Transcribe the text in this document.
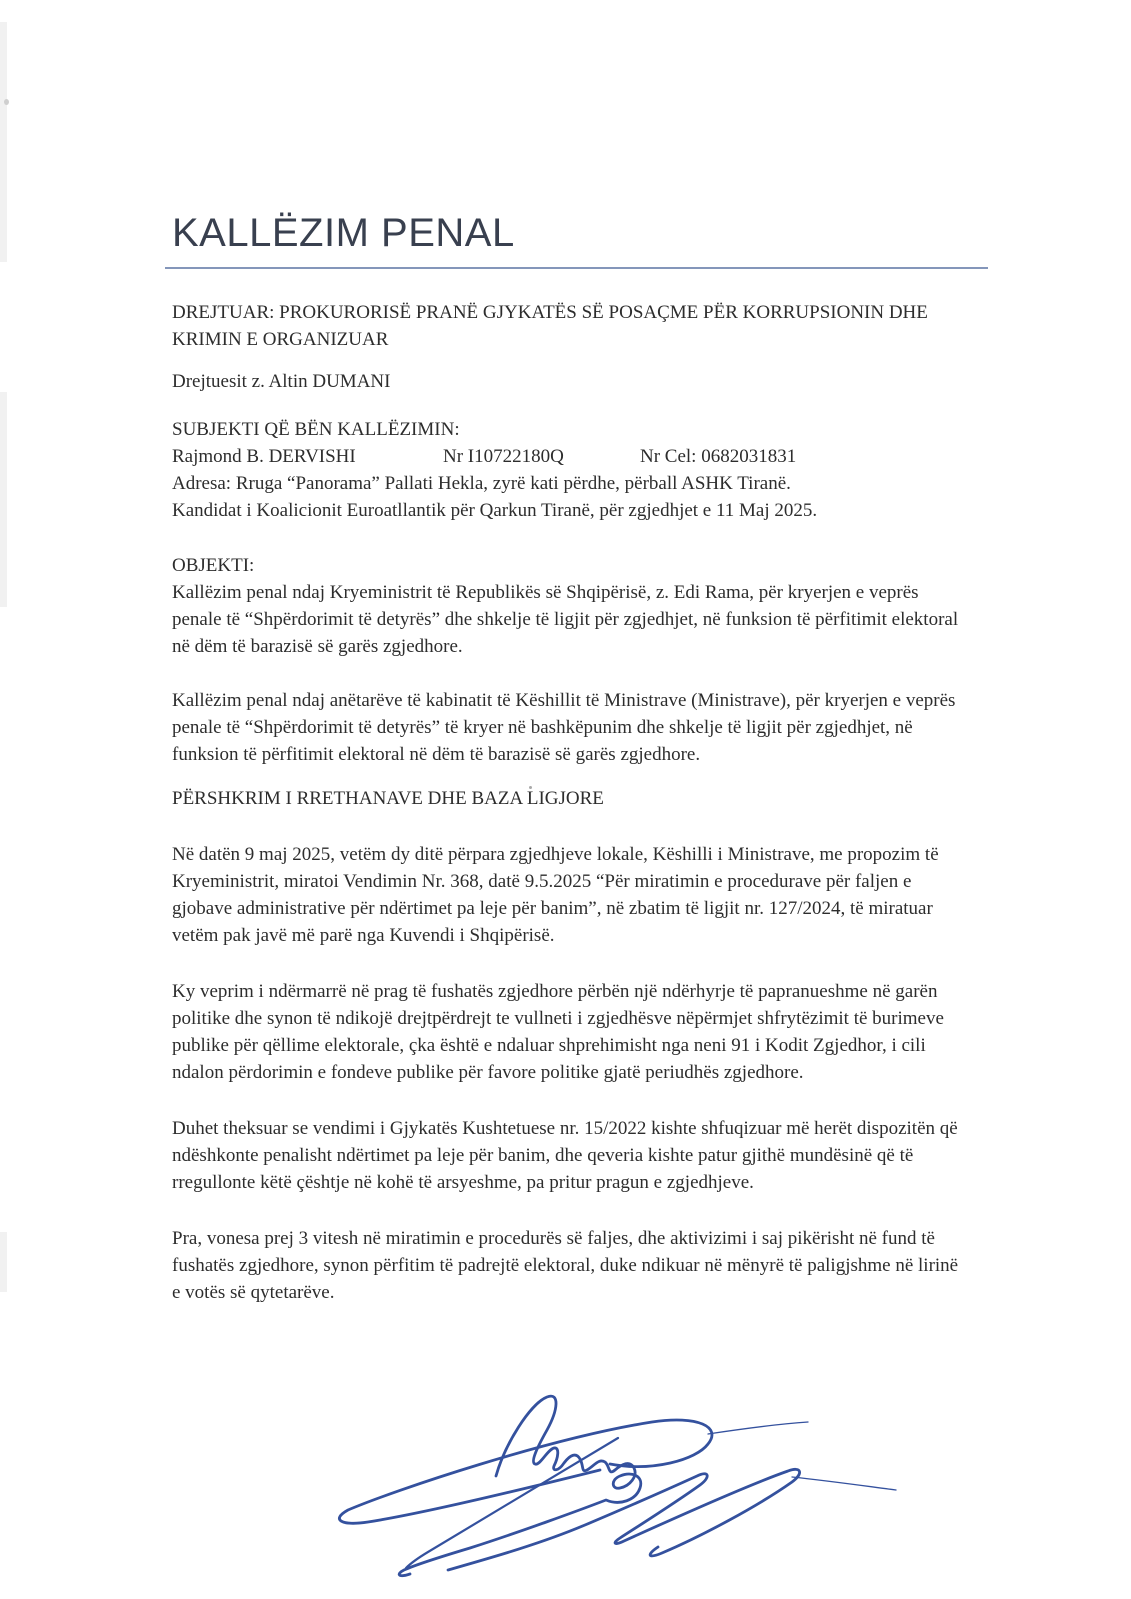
KALLËZIM PENAL
DREJTUAR: PROKURORISË PRANË GJYKATËS SË POSAÇME PËR KORRUPSIONIN DHE
KRIMIN E ORGANIZUAR
Drejtuesit z. Altin DUMANI
SUBJEKTI QË BËN KALLËZIMIN:
Rajmond B. DERVISHI	Nr I10722180Q	Nr Cel: 0682031831
Adresa: Rruga “Panorama” Pallati Hekla, zyrë kati përdhe, përball ASHK Tiranë.
Kandidat i Koalicionit Euroatllantik për Qarkun Tiranë, për zgjedhjet e 11 Maj 2025.
OBJEKTI:

Kallëzim penal ndaj Kryeministrit të Republikës së Shqipërisë, z. Edi Rama, për kryerjen e veprës penale të “Shpërdorimit të detyrës” dhe shkelje të ligjit për zgjedhjet, në funksion të përfitimit elektoral në dëm të barazisë së garës zgjedhore.

Kallëzim penal ndaj anëtarëve të kabinatit të Këshillit të Ministrave (Ministrave), për kryerjen e veprës penale të “Shpërdorimit të detyrës” të kryer në bashkëpunim dhe shkelje të ligjit për zgjedhjet, në funksion të përfitimit elektoral në dëm të barazisë së garës zgjedhore.

PËRSHKRIM I RRETHANAVE DHE BAZA LIGJORE

Në datën 9 maj 2025, vetëm dy ditë përpara zgjedhjeve lokale, Këshilli i Ministrave, me propozim të Kryeministrit, miratoi Vendimin Nr. 368, datë 9.5.2025 “Për miratimin e procedurave për faljen e gjobave administrative për ndërtimet pa leje për banim”, në zbatim të ligjit nr. 127/2024, të miratuar vetëm pak javë më parë nga Kuvendi i Shqipërisë.

Ky veprim i ndërmarrë në prag të fushatës zgjedhore përbën një ndërhyrje të papranueshme në garën politike dhe synon të ndikojë drejtpërdrejt te vullneti i zgjedhësve nëpërmjet shfrytëzimit të burimeve publike për qëllime elektorale, çka është e ndaluar shprehimisht nga neni 91 i Kodit Zgjedhor, i cili ndalon përdorimin e fondeve publike për favore politike gjatë periudhës zgjedhore.

Duhet theksuar se vendimi i Gjykatës Kushtetuese nr. 15/2022 kishte shfuqizuar më herët dispozitën që ndëshkonte penalisht ndërtimet pa leje për banim, dhe qeveria kishte patur gjithë mundësinë që të rregullonte këtë çështje në kohë të arsyeshme, pa pritur pragun e zgjedhjeve.

Pra, vonesa prej 3 vitesh në miratimin e procedurës së faljes, dhe aktivizimi i saj pikërisht në fund të fushatës zgjedhore, synon përfitim të padrejtë elektoral, duke ndikuar në mënyrë të paligjshme në lirinë e votës së qytetarëve.
